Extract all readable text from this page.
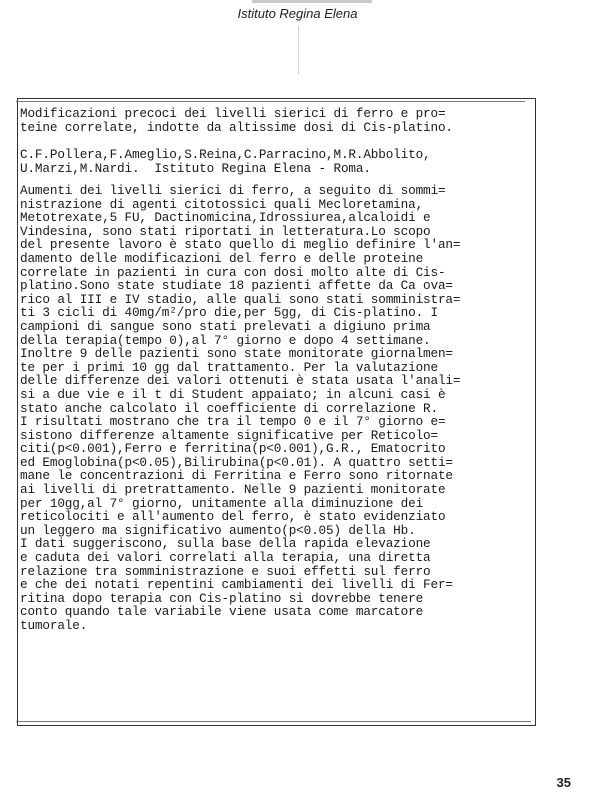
Istituto Regina Elena
Modificazioni precoci dei livelli sierici di ferro e pro=
teine correlate, indotte da altissime dosi di Cis-platino.
C.F.Pollera,F.Ameglio,S.Reina,C.Parracino,M.R.Abbolito,
U.Marzi,M.Nardi.  Istituto Regina Elena - Roma.
Aumenti dei livelli sierici di ferro, a seguito di sommi=
nistrazione di agenti citotossici quali Mecloretamina,
Metotrexate,5 FU, Dactinomicina,Idrossiurea,alcaloidi e
Vindesina, sono stati riportati in letteratura.Lo scopo
del presente lavoro è stato quello di meglio definire l'an=
damento delle modificazioni del ferro e delle proteine
correlate in pazienti in cura con dosi molto alte di Cis-
platino.Sono state studiate 18 pazienti affette da Ca ova=
rico al III e IV stadio, alle quali sono stati somministra=
ti 3 cicli di 40mg/m²/pro die,per 5gg, di Cis-platino. I
campioni di sangue sono stati prelevati a digiuno prima
della terapia(tempo 0),al 7° giorno e dopo 4 settimane.
Inoltre 9 delle pazienti sono state monitorate giornalmen=
te per i primi 10 gg dal trattamento. Per la valutazione
delle differenze dei valori ottenuti è stata usata l'anali=
si a due vie e il t di Student appaiato; in alcuni casi è
stato anche calcolato il coefficiente di correlazione R.
I risultati mostrano che tra il tempo 0 e il 7° giorno e=
sistono differenze altamente significative per Reticolo=
citi(p<0.001),Ferro e ferritina(p<0.001),G.R., Ematocrito
ed Emoglobina(p<0.05),Bilirubina(p<0.01). A quattro setti=
mane le concentrazioni di Ferritina e Ferro sono ritornate
ai livelli di pretrattamento. Nelle 9 pazienti monitorate
per 10gg,al 7° giorno, unitamente alla diminuzione dei
reticolociti e all'aumento del ferro, è stato evidenziato
un leggero ma significativo aumento(p<0.05) della Hb.
I dati suggeriscono, sulla base della rapida elevazione
e caduta dei valori correlati alla terapia, una diretta
relazione tra somministrazione e suoi effetti sul ferro
e che dei notati repentini cambiamenti dei livelli di Fer=
ritina dopo terapia con Cis-platino si dovrebbe tenere
conto quando tale variabile viene usata come marcatore
tumorale.
35
